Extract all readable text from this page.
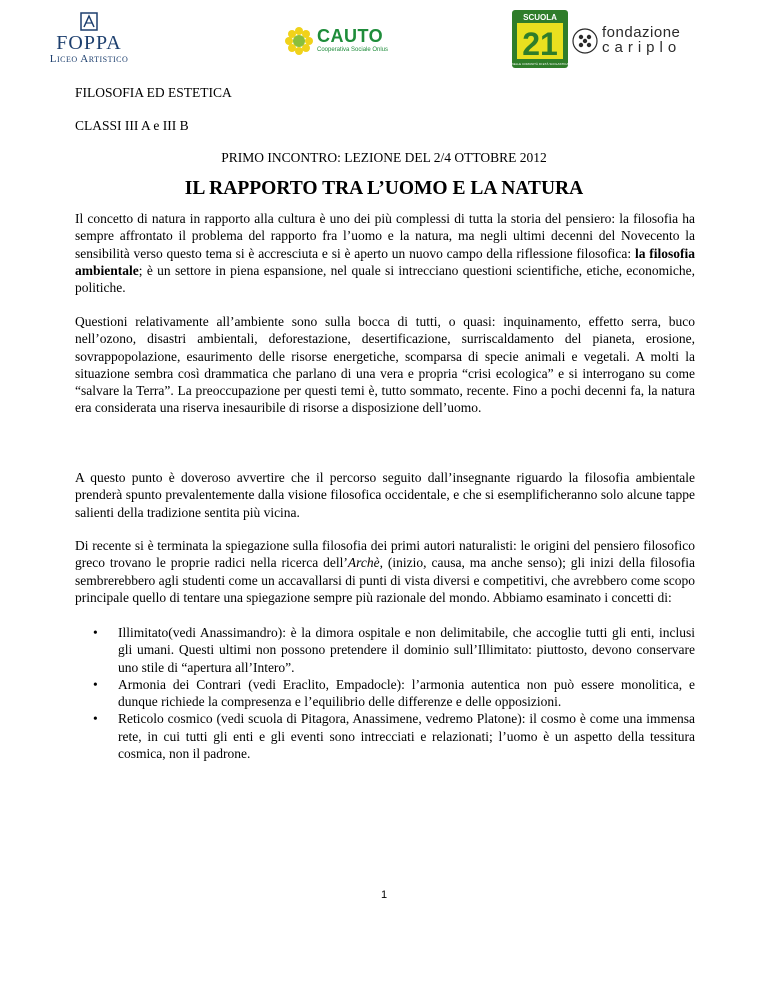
FOPPA
Liceo Artistico
CAUTO
Cooperativa Sociale Onlus
SCUOLA
21
NELLE COMUNITÀ DI ETÀ SCOLASTICA
fondazione
cariplo
FILOSOFIA ED ESTETICA
CLASSI III A e III B
PRIMO INCONTRO: LEZIONE DEL 2/4 OTTOBRE 2012
IL RAPPORTO TRA L’UOMO E LA NATURA

Il concetto di natura in rapporto alla cultura è uno dei più complessi di tutta la storia del pensiero: la filosofia ha sempre affrontato il problema del rapporto fra l’uomo e la natura, ma negli ultimi decenni del Novecento la sensibilità verso questo tema si è accresciuta e si è aperto un nuovo campo della riflessione filosofica: la filosofia ambientale; è un settore in piena espansione, nel quale si intrecciano questioni scientifiche, etiche, economiche, politiche.

Questioni relativamente all’ambiente sono sulla bocca di tutti, o quasi: inquinamento, effetto serra, buco nell’ozono, disastri ambientali, deforestazione, desertificazione, surriscaldamento del pianeta, erosione, sovrappopolazione, esaurimento delle risorse energetiche, scomparsa di specie animali e vegetali. A molti la situazione sembra così drammatica che parlano di una vera e propria “crisi ecologica” e si interrogano su come “salvare la Terra”. La preoccupazione per questi temi è, tutto sommato, recente. Fino a pochi decenni fa, la natura era considerata una riserva inesauribile di risorse a disposizione dell’uomo.

A questo punto è doveroso avvertire che il percorso seguito dall’insegnante riguardo la filosofia ambientale prenderà spunto prevalentemente dalla visione filosofica occidentale, e che si esemplificheranno solo alcune tappe salienti della tradizione sentita più vicina.

Di recente si è terminata la spiegazione sulla filosofia dei primi autori naturalisti: le origini del pensiero filosofico greco trovano le proprie radici nella ricerca dell’Archè, (inizio, causa, ma anche senso); gli inizi della filosofia sembrerebbero agli studenti come un accavallarsi di punti di vista diversi e competitivi, che avrebbero come scopo principale quello di tentare una spiegazione sempre più razionale del mondo. Abbiamo esaminato i concetti di:

• Illimitato(vedi Anassimandro): è la dimora ospitale e non delimitabile, che accoglie tutti gli enti, inclusi gli umani. Questi ultimi non possono pretendere il dominio sull’Illimitato: piuttosto, devono conservare uno stile di “apertura all’Intero”.
• Armonia dei Contrari (vedi Eraclito, Empadocle): l’armonia autentica non può essere monolitica, e dunque richiede la compresenza e l’equilibrio delle differenze e delle opposizioni.
• Reticolo cosmico (vedi scuola di Pitagora, Anassimene, vedremo Platone): il cosmo è come una immensa rete, in cui tutti gli enti e gli eventi sono intrecciati e relazionati; l’uomo è un aspetto della tessitura cosmica, non il padrone.
1
